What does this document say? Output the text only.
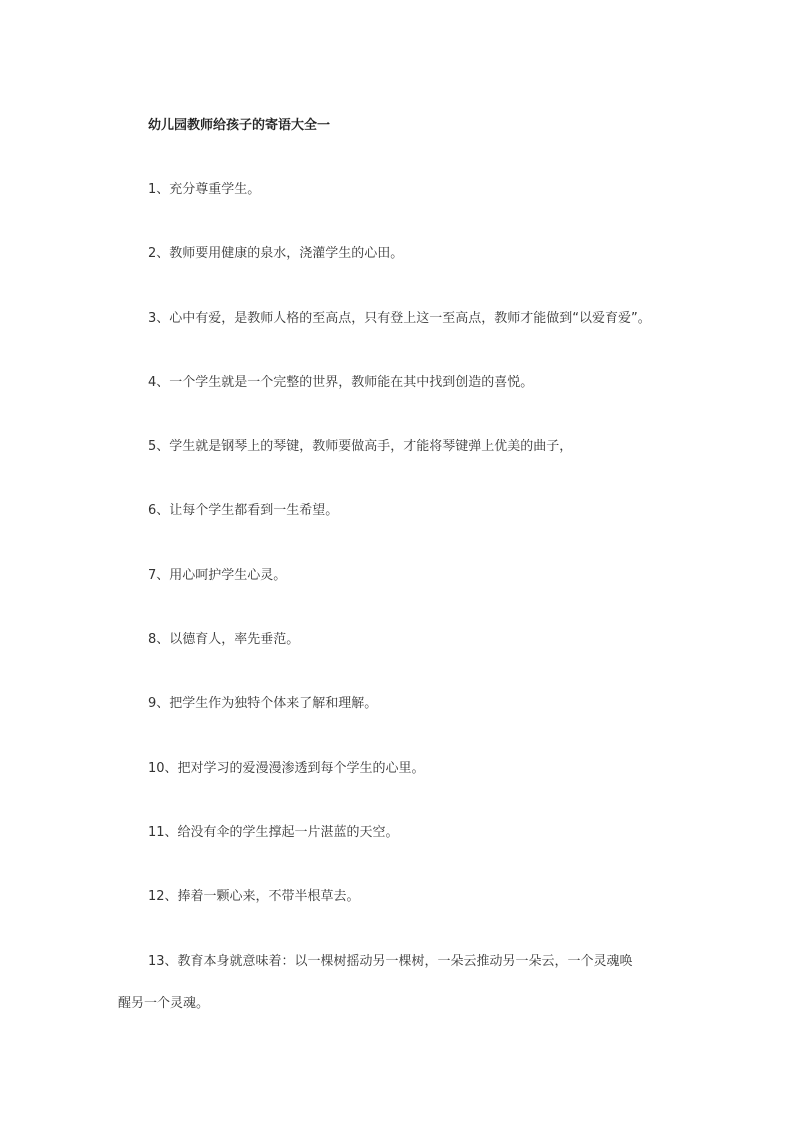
幼儿园教师给孩子的寄语大全一
1、充分尊重学生。
2、教师要用健康的泉水，浇灌学生的心田。
3、心中有爱，是教师人格的至高点，只有登上这一至高点，教师才能做到“以爱育爱”。
4、一个学生就是一个完整的世界，教师能在其中找到创造的喜悦。
5、学生就是钢琴上的琴键，教师要做高手，才能将琴键弹上优美的曲子，
6、让每个学生都看到一生希望。
7、用心呵护学生心灵。
8、以德育人，率先垂范。
9、把学生作为独特个体来了解和理解。
10、把对学习的爱漫漫渗透到每个学生的心里。
11、给没有伞的学生撑起一片湛蓝的天空。
12、捧着一颗心来，不带半根草去。
13、教育本身就意味着：以一棵树摇动另一棵树，一朵云推动另一朵云，一个灵魂唤
醒另一个灵魂。
